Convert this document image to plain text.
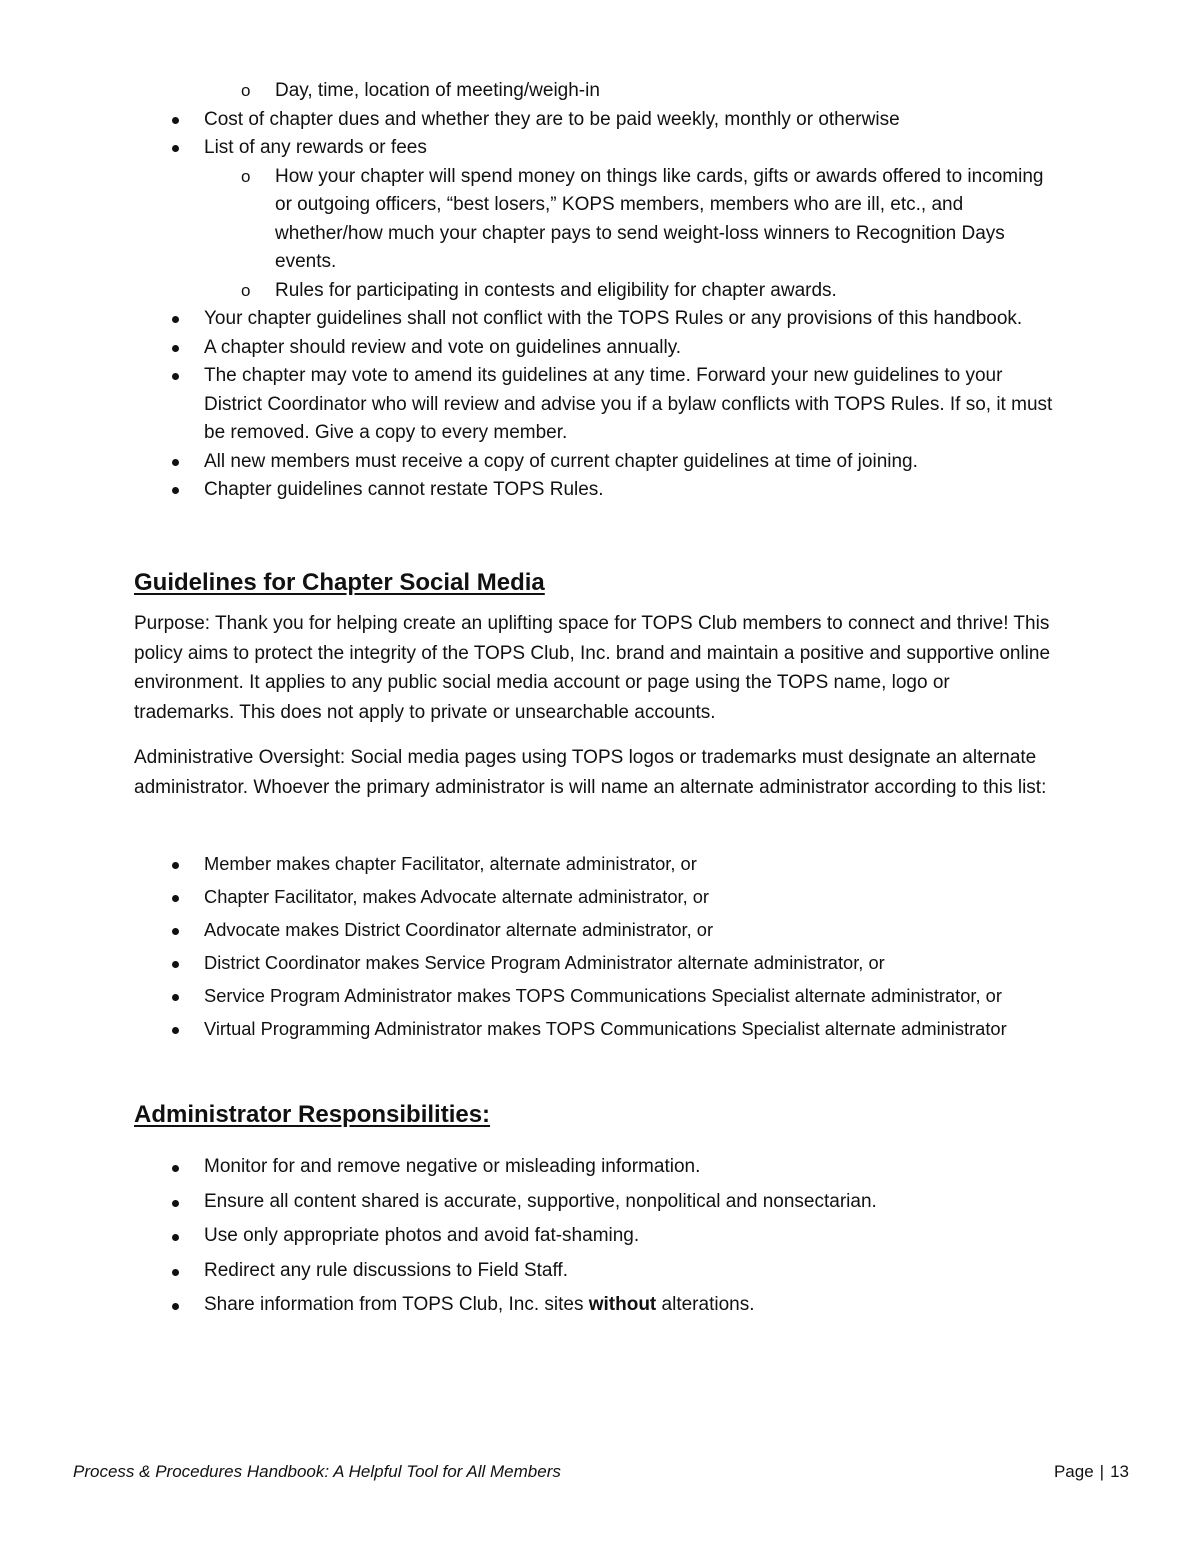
o Day, time, location of meeting/weigh-in
Cost of chapter dues and whether they are to be paid weekly, monthly or otherwise
List of any rewards or fees
o How your chapter will spend money on things like cards, gifts or awards offered to incoming or outgoing officers, “best losers,” KOPS members, members who are ill, etc., and whether/how much your chapter pays to send weight-loss winners to Recognition Days events.
o Rules for participating in contests and eligibility for chapter awards.
Your chapter guidelines shall not conflict with the TOPS Rules or any provisions of this handbook.
A chapter should review and vote on guidelines annually.
The chapter may vote to amend its guidelines at any time. Forward your new guidelines to your District Coordinator who will review and advise you if a bylaw conflicts with TOPS Rules. If so, it must be removed. Give a copy to every member.
All new members must receive a copy of current chapter guidelines at time of joining.
Chapter guidelines cannot restate TOPS Rules.
Guidelines for Chapter Social Media

Purpose: Thank you for helping create an uplifting space for TOPS Club members to connect and thrive! This policy aims to protect the integrity of the TOPS Club, Inc. brand and maintain a positive and supportive online environment. It applies to any public social media account or page using the TOPS name, logo or trademarks. This does not apply to private or unsearchable accounts.

Administrative Oversight: Social media pages using TOPS logos or trademarks must designate an alternate administrator. Whoever the primary administrator is will name an alternate administrator according to this list:

Member makes chapter Facilitator, alternate administrator, or
Chapter Facilitator, makes Advocate alternate administrator, or
Advocate makes District Coordinator alternate administrator, or
District Coordinator makes Service Program Administrator alternate administrator, or
Service Program Administrator makes TOPS Communications Specialist alternate administrator, or
Virtual Programming Administrator makes TOPS Communications Specialist alternate administrator
Administrator Responsibilities:
Monitor for and remove negative or misleading information.
Ensure all content shared is accurate, supportive, nonpolitical and nonsectarian.
Use only appropriate photos and avoid fat-shaming.
Redirect any rule discussions to Field Staff.
Share information from TOPS Club, Inc. sites without alterations.
Process & Procedures Handbook: A Helpful Tool for All Members	Page | 13
